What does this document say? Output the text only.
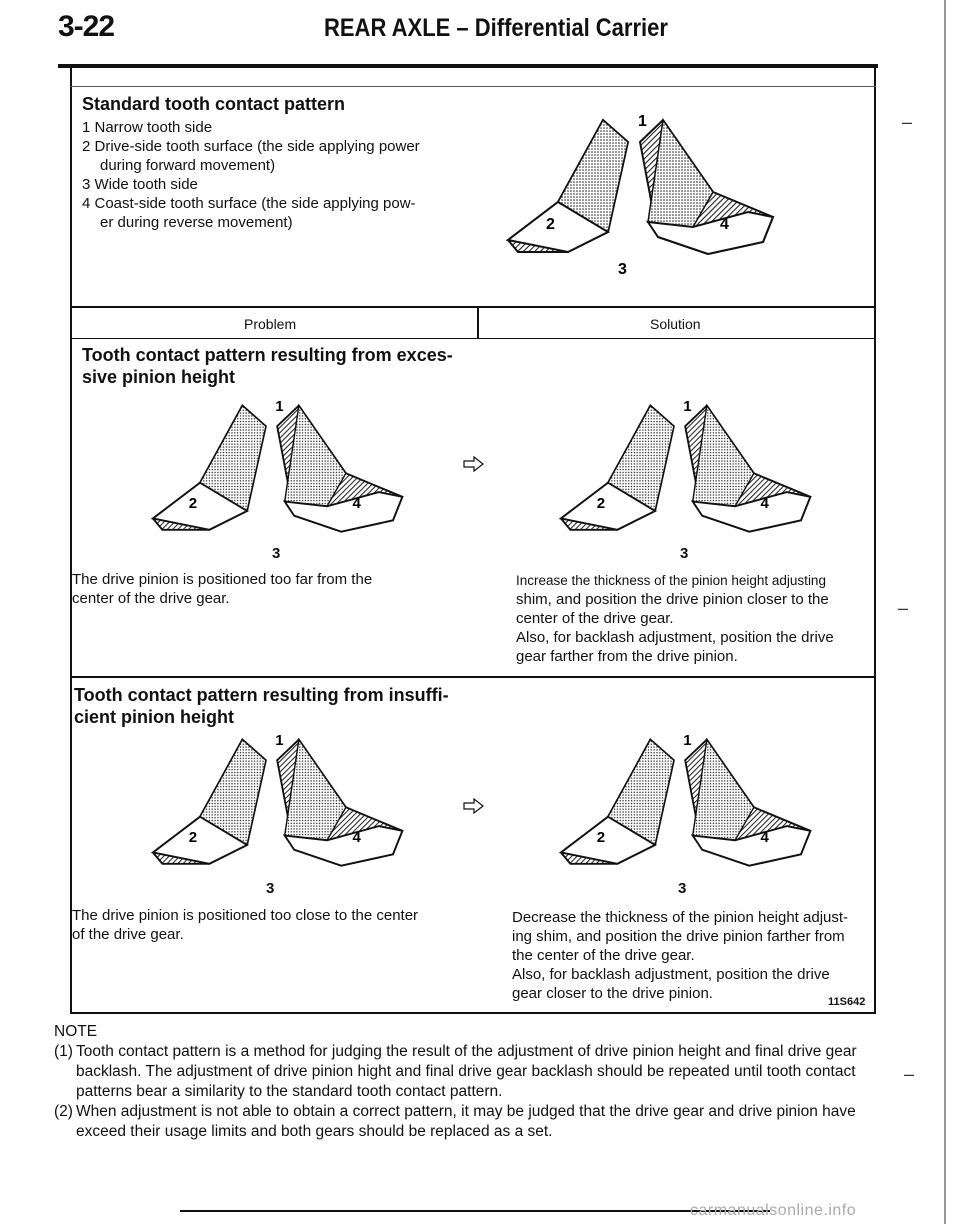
3-22	REAR AXLE – Differential Carrier
Standard tooth contact pattern
1 Narrow tooth side
2 Drive-side tooth surface (the side applying power
during forward movement)
3 Wide tooth side
4 Coast-side tooth surface (the side applying pow-
er during reverse movement)
1
2	4
3
Problem	Solution
Tooth contact pattern resulting from exces-
sive pinion height
1
2	4
3
1
2	4
3
The drive pinion is positioned too far from the
center of the drive gear.
Increase the thickness of the pinion height adjusting
shim, and position the drive pinion closer to the
center of the drive gear.
Also, for backlash adjustment, position the drive
gear farther from the drive pinion.
Tooth contact pattern resulting from insuffi-
cient pinion height
1
2	4
3
1
2	4
3
The drive pinion is positioned too close to the center
of the drive gear.
Decrease the thickness of the pinion height adjust-
ing shim, and position the drive pinion farther from
the center of the drive gear.
Also, for backlash adjustment, position the drive
gear closer to the drive pinion.	11S642
NOTE
(1) Tooth contact pattern is a method for judging the result of the adjustment of drive pinion height and final drive gear
backlash. The adjustment of drive pinion hight and final drive gear backlash should be repeated until tooth contact
patterns bear a similarity to the standard tooth contact pattern.
(2) When adjustment is not able to obtain a correct pattern, it may be judged that the drive gear and drive pinion have
exceed their usage limits and both gears should be replaced as a set.
–
–
–
carmanualsonline.info
